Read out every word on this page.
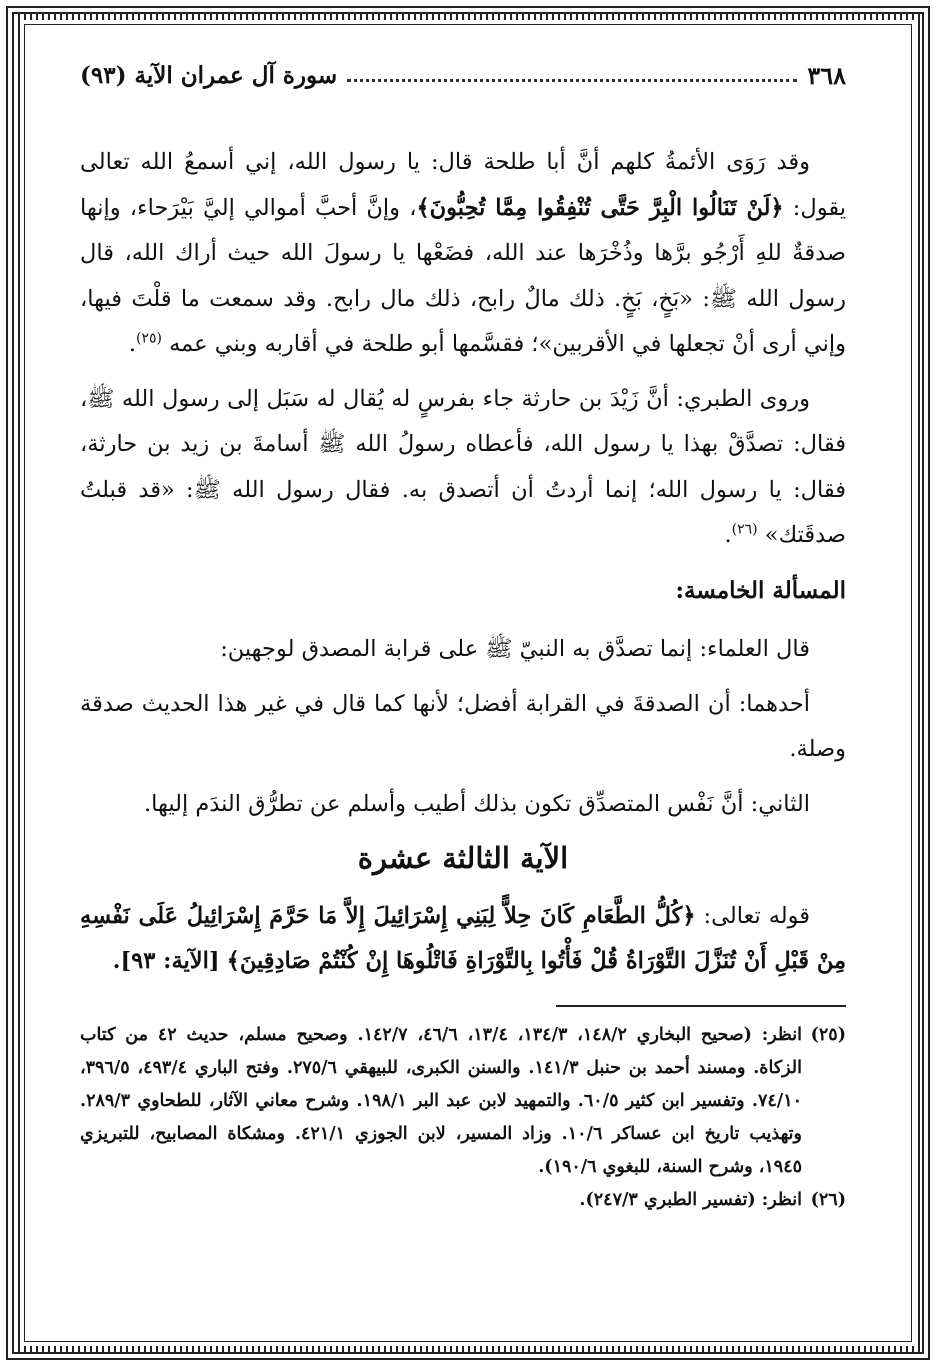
٣٦٨
سورة آل عمران الآية (٩٣)

وقد رَوَى الأئمةُ كلهم أنَّ أبا طلحة قال: يا رسول الله، إني أسمعُ الله تعالى يقول: ﴿لَنْ تَنَالُوا الْبِرَّ حَتَّى تُنْفِقُوا مِمَّا تُحِبُّونَ﴾، وإنَّ أحبَّ أموالي إليَّ بَيْرَحاء، وإنها صدقةٌ للهِ أَرْجُو برَّها وذُخْرَها عند الله، فضَعْها يا رسولَ الله حيث أراك الله، قال رسول الله ﷺ: «بَخٍ، بَخٍ. ذلك مالٌ رابح، ذلك مال رابح. وقد سمعت ما قلْتَ فيها، وإني أرى أنْ تجعلها في الأقربين»؛ فقسَّمها أبو طلحة في أقاربه وبني عمه $^{(٢٥)}$.

وروى الطبري: أنَّ زَيْدَ بن حارثة جاء بفرسٍ له يُقال له سَبَل إلى رسول الله ﷺ، فقال: تصدَّقْ بهذا يا رسول الله، فأعطاه رسولُ الله ﷺ أسامةَ بن زيد بن حارثة، فقال: يا رسول الله؛ إنما أردتُ أن أتصدق به. فقال رسول الله ﷺ: «قد قبلتُ صدقَتك» $^{(٢٦)}$.

المسألة الخامسة:

قال العلماء: إنما تصدَّق به النبيّ ﷺ على قرابة المصدق لوجهين:

أحدهما: أن الصدقةَ في القرابة أفضل؛ لأنها كما قال في غير هذا الحديث صدقة وصلة.

الثاني: أنَّ نَفْس المتصدِّق تكون بذلك أطيب وأسلم عن تطرُّق الندَم إليها.

الآية الثالثة عشرة

قوله تعالى: ﴿كُلُّ الطَّعَامِ كَانَ حِلاًّ لِبَنِي إِسْرَائِيلَ إِلاَّ مَا حَرَّمَ إِسْرَائِيلُ عَلَى نَفْسِهِ مِنْ قَبْلِ أَنْ تُنَزَّلَ التَّوْرَاةُ قُلْ فَأْتُوا بِالتَّوْرَاةِ فَاتْلُوهَا إِنْ كُنْتُمْ صَادِقِينَ﴾ [الآية: ٩٣].

(٢٥)
انظر: (صحيح البخاري ١٤٨/٢، ١٣٤/٣، ١٣/٤، ٤٦/٦، ١٤٢/٧. وصحيح مسلم، حديث ٤٢ من كتاب الزكاة. ومسند أحمد بن حنبل ١٤١/٣. والسنن الكبرى، للبيهقي ٢٧٥/٦. وفتح الباري ٤٩٣/٤، ٣٩٦/٥، ٧٤/١٠. وتفسير ابن كثير ٦٠/٥. والتمهيد لابن عبد البر ١٩٨/١. وشرح معاني الآثار، للطحاوي ٢٨٩/٣. وتهذيب تاريخ ابن عساكر ١٠/٦. وزاد المسير، لابن الجوزي ٤٢١/١. ومشكاة المصابيح، للتبريزي ١٩٤٥، وشرح السنة، للبغوي ١٩٠/٦).
(٢٦)
انظر: (تفسير الطبري ٢٤٧/٣).
